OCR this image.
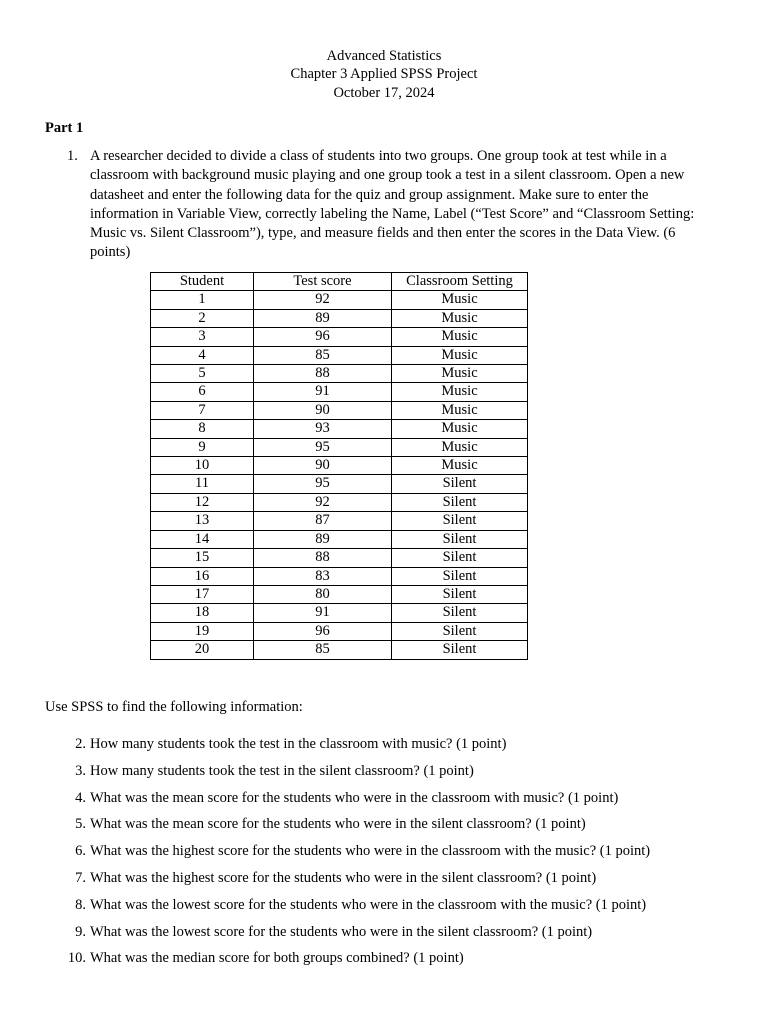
Advanced Statistics
Chapter 3 Applied SPSS Project
October 17, 2024
Part 1
1. A researcher decided to divide a class of students into two groups. One group took at test while in a classroom with background music playing and one group took a test in a silent classroom. Open a new datasheet and enter the following data for the quiz and group assignment. Make sure to enter the information in Variable View, correctly labeling the Name, Label (“Test Score” and “Classroom Setting: Music vs. Silent Classroom”), type, and measure fields and then enter the scores in the Data View. (6 points)
Student	Test score	Classroom Setting
1	92	Music
2	89	Music
3	96	Music
4	85	Music
5	88	Music
6	91	Music
7	90	Music
8	93	Music
9	95	Music
10	90	Music
11	95	Silent
12	92	Silent
13	87	Silent
14	89	Silent
15	88	Silent
16	83	Silent
17	80	Silent
18	91	Silent
19	96	Silent
20	85	Silent
Use SPSS to find the following information:
2. How many students took the test in the classroom with music? (1 point)
3. How many students took the test in the silent classroom? (1 point)
4. What was the mean score for the students who were in the classroom with music? (1 point)
5. What was the mean score for the students who were in the silent classroom? (1 point)
6. What was the highest score for the students who were in the classroom with the music? (1 point)
7. What was the highest score for the students who were in the silent classroom? (1 point)
8. What was the lowest score for the students who were in the classroom with the music? (1 point)
9. What was the lowest score for the students who were in the silent classroom? (1 point)
10. What was the median score for both groups combined? (1 point)
